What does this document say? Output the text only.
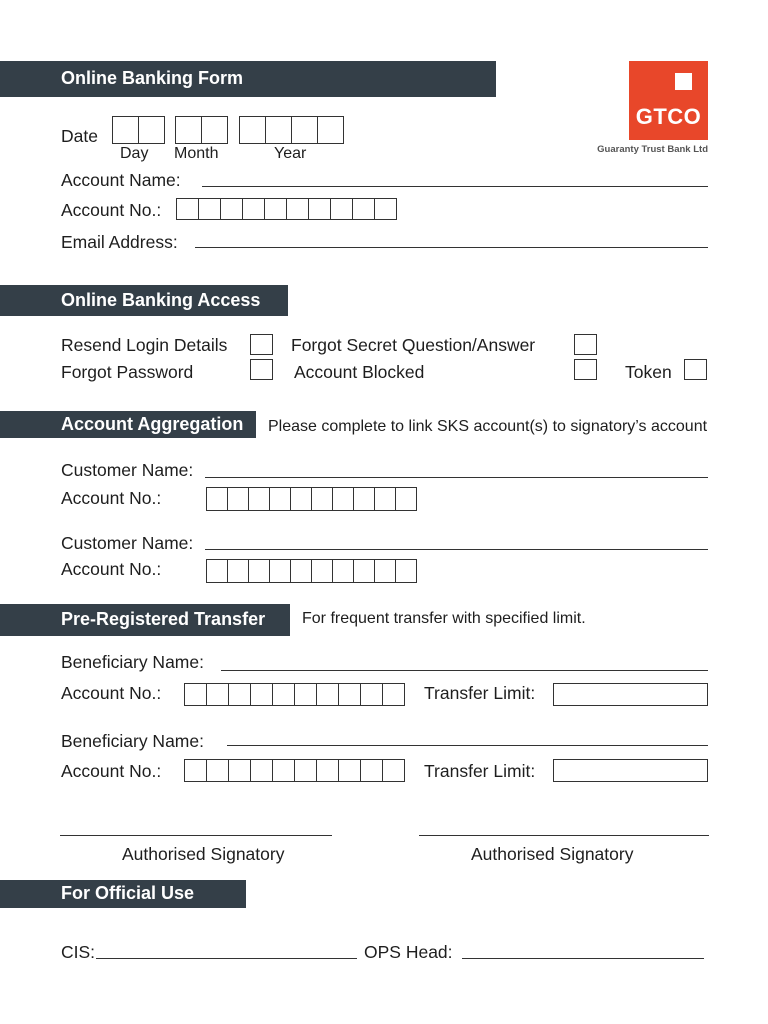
Online Banking Form
GTCO
Guaranty Trust Bank Ltd
Date
Day Month	Year
Account Name:
Account No.:
Email Address:
Online Banking Access
Resend Login Details	Forgot Secret Question/Answer
Forgot Password	Account Blocked	Token
Account Aggregation Please complete to link SKS account(s) to signatory’s account
Customer Name:
Account No.:
Customer Name:
Account No.:
Pre-Registered Transfer For frequent transfer with specified limit.
Beneficiary Name:
Account No.:	Transfer Limit:
Beneficiary Name:
Account No.:	Transfer Limit:
Authorised Signatory	Authorised Signatory
For Official Use
CIS:	OPS Head:
